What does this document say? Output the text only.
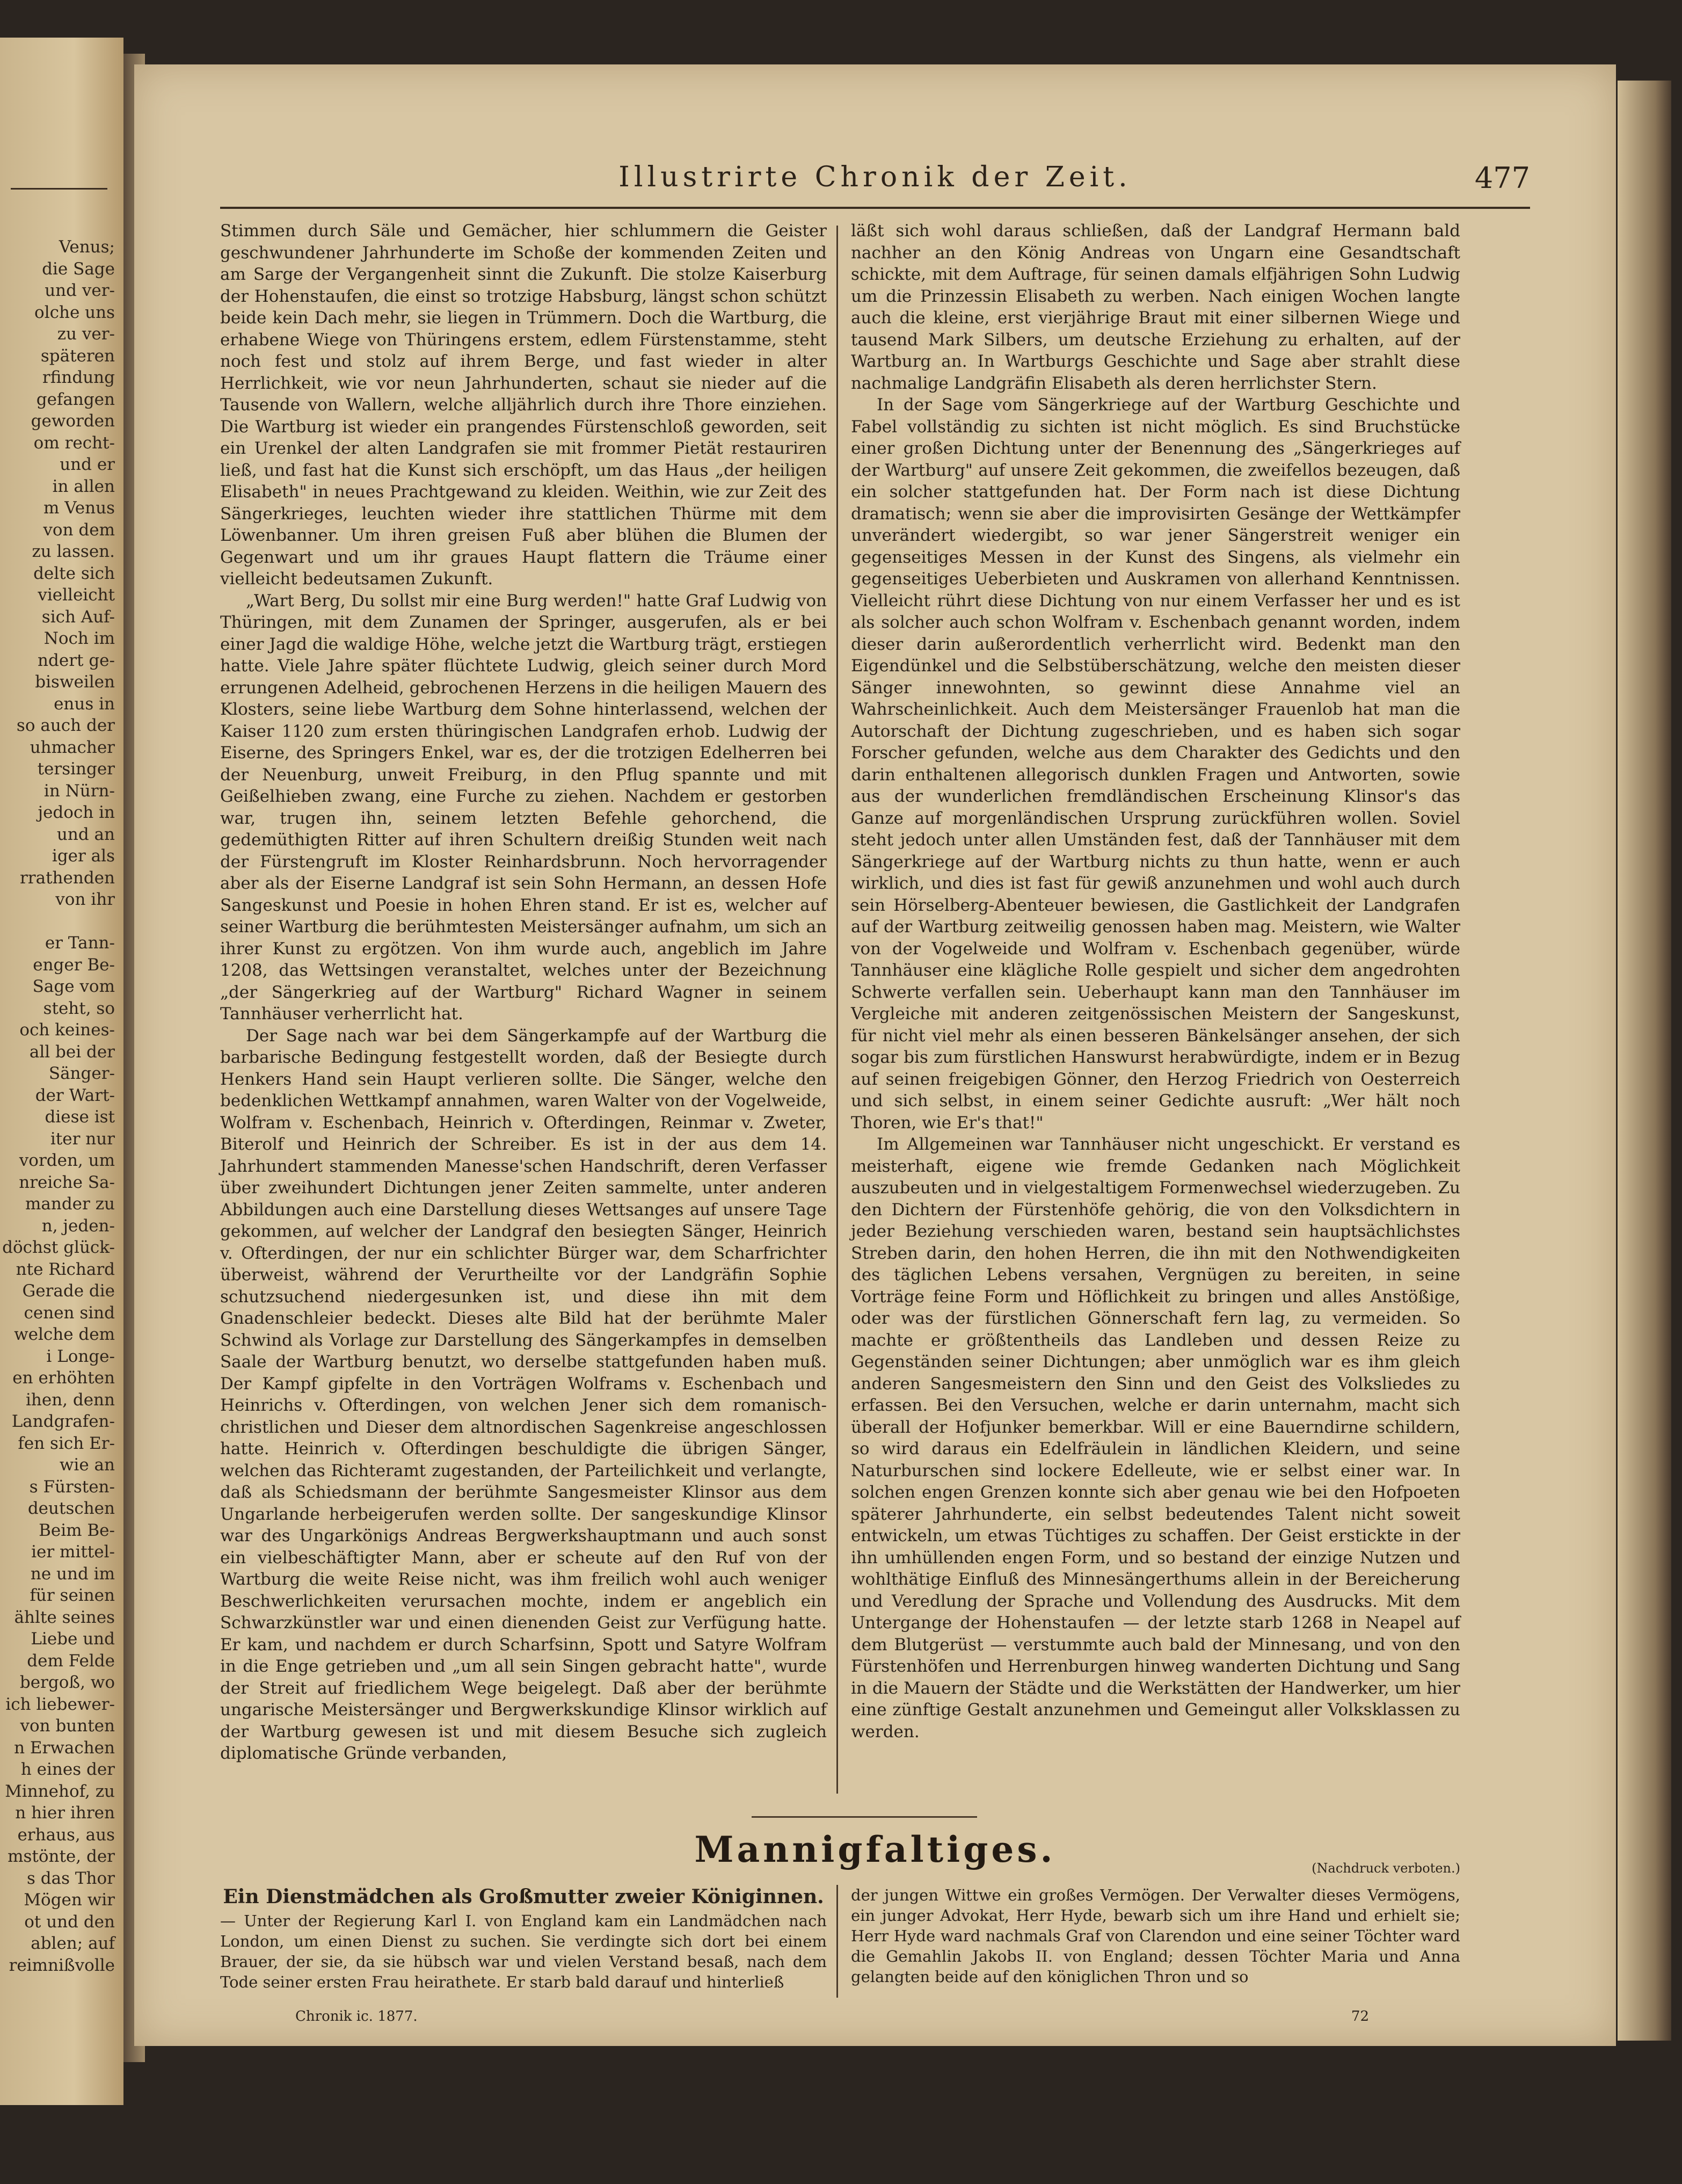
Venus;
die Sage
und ver-
olche uns
zu ver-
späteren
rfindung
gefangen
geworden
om recht-
und er
in allen
m Venus
von dem
zu lassen.
delte sich
vielleicht
sich Auf-
Noch im
ndert ge-
bisweilen
enus in
so auch der
uhmacher
tersinger
in Nürn-
jedoch in
und an
iger als
rrathenden
von ihr

er Tann-
enger Be-
Sage vom
steht, so
och keines-
all bei der
Sänger-
der Wart-
diese ist
iter nur
vorden, um
nreiche Sa-
mander zu
n, jeden-
döchst glück-
nte Richard
Gerade die
cenen sind
welche dem
i Longe-
en erhöhten
ihen, denn
Landgrafen-
fen sich Er-
wie an
s Fürsten-
deutschen
Beim Be-
ier mittel-
ne und im
für seinen
ählte seines
Liebe und
dem Felde
bergoß, wo
ich liebewer-
von bunten
n Erwachen
h eines der
Minnehof, zu
n hier ihren
erhaus, aus
mstönte, der
s das Thor
Mögen wir
ot und den
ablen; auf
reimnißvolle
Illustrirte Chronik der Zeit.	477

Stimmen durch Säle und Gemächer, hier schlummern die Geister geschwundener Jahrhunderte im Schoße der kommenden Zeiten und am Sarge der Vergangenheit sinnt die Zukunft. Die stolze Kaiserburg der Hohenstaufen, die einst so trotzige Habsburg, längst schon schützt beide kein Dach mehr, sie liegen in Trümmern. Doch die Wartburg, die erhabene Wiege von Thüringens erstem, edlem Fürstenstamme, steht noch fest und stolz auf ihrem Berge, und fast wieder in alter Herrlichkeit, wie vor neun Jahrhunderten, schaut sie nieder auf die Tausende von Wallern, welche alljährlich durch ihre Thore einziehen. Die Wartburg ist wieder ein prangendes Fürstenschloß geworden, seit ein Urenkel der alten Landgrafen sie mit frommer Pietät restauriren ließ, und fast hat die Kunst sich erschöpft, um das Haus „der heiligen Elisabeth" in neues Prachtgewand zu kleiden. Weithin, wie zur Zeit des Sängerkrieges, leuchten wieder ihre stattlichen Thürme mit dem Löwenbanner. Um ihren greisen Fuß aber blühen die Blumen der Gegenwart und um ihr graues Haupt flattern die Träume einer vielleicht bedeutsamen Zukunft.

„Wart Berg, Du sollst mir eine Burg werden!" hatte Graf Ludwig von Thüringen, mit dem Zunamen der Springer, ausgerufen, als er bei einer Jagd die waldige Höhe, welche jetzt die Wartburg trägt, erstiegen hatte. Viele Jahre später flüchtete Ludwig, gleich seiner durch Mord errungenen Adelheid, gebrochenen Herzens in die heiligen Mauern des Klosters, seine liebe Wartburg dem Sohne hinterlassend, welchen der Kaiser 1120 zum ersten thüringischen Landgrafen erhob. Ludwig der Eiserne, des Springers Enkel, war es, der die trotzigen Edelherren bei der Neuenburg, unweit Freiburg, in den Pflug spannte und mit Geißelhieben zwang, eine Furche zu ziehen. Nachdem er gestorben war, trugen ihn, seinem letzten Befehle gehorchend, die gedemüthigten Ritter auf ihren Schultern dreißig Stunden weit nach der Fürstengruft im Kloster Reinhardsbrunn. Noch hervorragender aber als der Eiserne Landgraf ist sein Sohn Hermann, an dessen Hofe Sangeskunst und Poesie in hohen Ehren stand. Er ist es, welcher auf seiner Wartburg die berühmtesten Meistersänger aufnahm, um sich an ihrer Kunst zu ergötzen. Von ihm wurde auch, angeblich im Jahre 1208, das Wettsingen veranstaltet, welches unter der Bezeichnung „der Sängerkrieg auf der Wartburg" Richard Wagner in seinem Tannhäuser verherrlicht hat.

Der Sage nach war bei dem Sängerkampfe auf der Wartburg die barbarische Bedingung festgestellt worden, daß der Besiegte durch Henkers Hand sein Haupt verlieren sollte. Die Sänger, welche den bedenklichen Wettkampf annahmen, waren Walter von der Vogelweide, Wolfram v. Eschenbach, Heinrich v. Ofterdingen, Reinmar v. Zweter, Biterolf und Heinrich der Schreiber. Es ist in der aus dem 14. Jahrhundert stammenden Manesse'schen Handschrift, deren Verfasser über zweihundert Dichtungen jener Zeiten sammelte, unter anderen Abbildungen auch eine Darstellung dieses Wettsanges auf unsere Tage gekommen, auf welcher der Landgraf den besiegten Sänger, Heinrich v. Ofterdingen, der nur ein schlichter Bürger war, dem Scharfrichter überweist, während der Verurtheilte vor der Landgräfin Sophie schutzsuchend niedergesunken ist, und diese ihn mit dem Gnadenschleier bedeckt. Dieses alte Bild hat der berühmte Maler Schwind als Vorlage zur Darstellung des Sängerkampfes in demselben Saale der Wartburg benutzt, wo derselbe stattgefunden haben muß. Der Kampf gipfelte in den Vorträgen Wolframs v. Eschenbach und Heinrichs v. Ofterdingen, von welchen Jener sich dem romanisch-christlichen und Dieser dem altnordischen Sagenkreise angeschlossen hatte. Heinrich v. Ofterdingen beschuldigte die übrigen Sänger, welchen das Richteramt zugestanden, der Parteilichkeit und verlangte, daß als Schiedsmann der berühmte Sangesmeister Klinsor aus dem Ungarlande herbeigerufen werden sollte. Der sangeskundige Klinsor war des Ungarkönigs Andreas Bergwerkshauptmann und auch sonst ein vielbeschäftigter Mann, aber er scheute auf den Ruf von der Wartburg die weite Reise nicht, was ihm freilich wohl auch weniger Beschwerlichkeiten verursachen mochte, indem er angeblich ein Schwarzkünstler war und einen dienenden Geist zur Verfügung hatte. Er kam, und nachdem er durch Scharfsinn, Spott und Satyre Wolfram in die Enge getrieben und „um all sein Singen gebracht hatte", wurde der Streit auf friedlichem Wege beigelegt. Daß aber der berühmte ungarische Meistersänger und Bergwerkskundige Klinsor wirklich auf der Wartburg gewesen ist und mit diesem Besuche sich zugleich diplomatische Gründe verbanden,

läßt sich wohl daraus schließen, daß der Landgraf Hermann bald nachher an den König Andreas von Ungarn eine Gesandtschaft schickte, mit dem Auftrage, für seinen damals elfjährigen Sohn Ludwig um die Prinzessin Elisabeth zu werben. Nach einigen Wochen langte auch die kleine, erst vierjährige Braut mit einer silbernen Wiege und tausend Mark Silbers, um deutsche Erziehung zu erhalten, auf der Wartburg an. In Wartburgs Geschichte und Sage aber strahlt diese nachmalige Landgräfin Elisabeth als deren herrlichster Stern.

In der Sage vom Sängerkriege auf der Wartburg Geschichte und Fabel vollständig zu sichten ist nicht möglich. Es sind Bruchstücke einer großen Dichtung unter der Benennung des „Sängerkrieges auf der Wartburg" auf unsere Zeit gekommen, die zweifellos bezeugen, daß ein solcher stattgefunden hat. Der Form nach ist diese Dichtung dramatisch; wenn sie aber die improvisirten Gesänge der Wettkämpfer unverändert wiedergibt, so war jener Sängerstreit weniger ein gegenseitiges Messen in der Kunst des Singens, als vielmehr ein gegenseitiges Ueberbieten und Auskramen von allerhand Kenntnissen. Vielleicht rührt diese Dichtung von nur einem Verfasser her und es ist als solcher auch schon Wolfram v. Eschenbach genannt worden, indem dieser darin außerordentlich verherrlicht wird. Bedenkt man den Eigendünkel und die Selbstüberschätzung, welche den meisten dieser Sänger innewohnten, so gewinnt diese Annahme viel an Wahrscheinlichkeit. Auch dem Meistersänger Frauenlob hat man die Autorschaft der Dichtung zugeschrieben, und es haben sich sogar Forscher gefunden, welche aus dem Charakter des Gedichts und den darin enthaltenen allegorisch dunklen Fragen und Antworten, sowie aus der wunderlichen fremdländischen Erscheinung Klinsor's das Ganze auf morgenländischen Ursprung zurückführen wollen. Soviel steht jedoch unter allen Umständen fest, daß der Tannhäuser mit dem Sängerkriege auf der Wartburg nichts zu thun hatte, wenn er auch wirklich, und dies ist fast für gewiß anzunehmen und wohl auch durch sein Hörselberg-Abenteuer bewiesen, die Gastlichkeit der Landgrafen auf der Wartburg zeitweilig genossen haben mag. Meistern, wie Walter von der Vogelweide und Wolfram v. Eschenbach gegenüber, würde Tannhäuser eine klägliche Rolle gespielt und sicher dem angedrohten Schwerte verfallen sein. Ueberhaupt kann man den Tannhäuser im Vergleiche mit anderen zeitgenössischen Meistern der Sangeskunst, für nicht viel mehr als einen besseren Bänkelsänger ansehen, der sich sogar bis zum fürstlichen Hanswurst herabwürdigte, indem er in Bezug auf seinen freigebigen Gönner, den Herzog Friedrich von Oesterreich und sich selbst, in einem seiner Gedichte ausruft: „Wer hält noch Thoren, wie Er's that!"

Im Allgemeinen war Tannhäuser nicht ungeschickt. Er verstand es meisterhaft, eigene wie fremde Gedanken nach Möglichkeit auszubeuten und in vielgestaltigem Formenwechsel wiederzugeben. Zu den Dichtern der Fürstenhöfe gehörig, die von den Volksdichtern in jeder Beziehung verschieden waren, bestand sein hauptsächlichstes Streben darin, den hohen Herren, die ihn mit den Nothwendigkeiten des täglichen Lebens versahen, Vergnügen zu bereiten, in seine Vorträge feine Form und Höflichkeit zu bringen und alles Anstößige, oder was der fürstlichen Gönnerschaft fern lag, zu vermeiden. So machte er größtentheils das Landleben und dessen Reize zu Gegenständen seiner Dichtungen; aber unmöglich war es ihm gleich anderen Sangesmeistern den Sinn und den Geist des Volksliedes zu erfassen. Bei den Versuchen, welche er darin unternahm, macht sich überall der Hofjunker bemerkbar. Will er eine Bauerndirne schildern, so wird daraus ein Edelfräulein in ländlichen Kleidern, und seine Naturburschen sind lockere Edelleute, wie er selbst einer war. In solchen engen Grenzen konnte sich aber genau wie bei den Hofpoeten späterer Jahrhunderte, ein selbst bedeutendes Talent nicht soweit entwickeln, um etwas Tüchtiges zu schaffen. Der Geist erstickte in der ihn umhüllenden engen Form, und so bestand der einzige Nutzen und wohlthätige Einfluß des Minnesängerthums allein in der Bereicherung und Veredlung der Sprache und Vollendung des Ausdrucks. Mit dem Untergange der Hohenstaufen — der letzte starb 1268 in Neapel auf dem Blutgerüst — verstummte auch bald der Minnesang, und von den Fürstenhöfen und Herrenburgen hinweg wanderten Dichtung und Sang in die Mauern der Städte und die Werkstätten der Handwerker, um hier eine zünftige Gestalt anzunehmen und Gemeingut aller Volksklassen zu werden.

Mannigfaltiges.	(Nachdruck verboten.)
Ein Dienstmädchen als Großmutter zweier Königinnen.

— Unter der Regierung Karl I. von England kam ein Landmädchen nach London, um einen Dienst zu suchen. Sie verdingte sich dort bei einem Brauer, der sie, da sie hübsch war und vielen Verstand besaß, nach dem Tode seiner ersten Frau heirathete. Er starb bald darauf und hinterließ

der jungen Wittwe ein großes Vermögen. Der Verwalter dieses Vermögens, ein junger Advokat, Herr Hyde, bewarb sich um ihre Hand und erhielt sie; Herr Hyde ward nachmals Graf von Clarendon und eine seiner Töchter ward die Gemahlin Jakobs II. von England; dessen Töchter Maria und Anna gelangten beide auf den königlichen Thron und so

Chronik ic. 1877.	72
